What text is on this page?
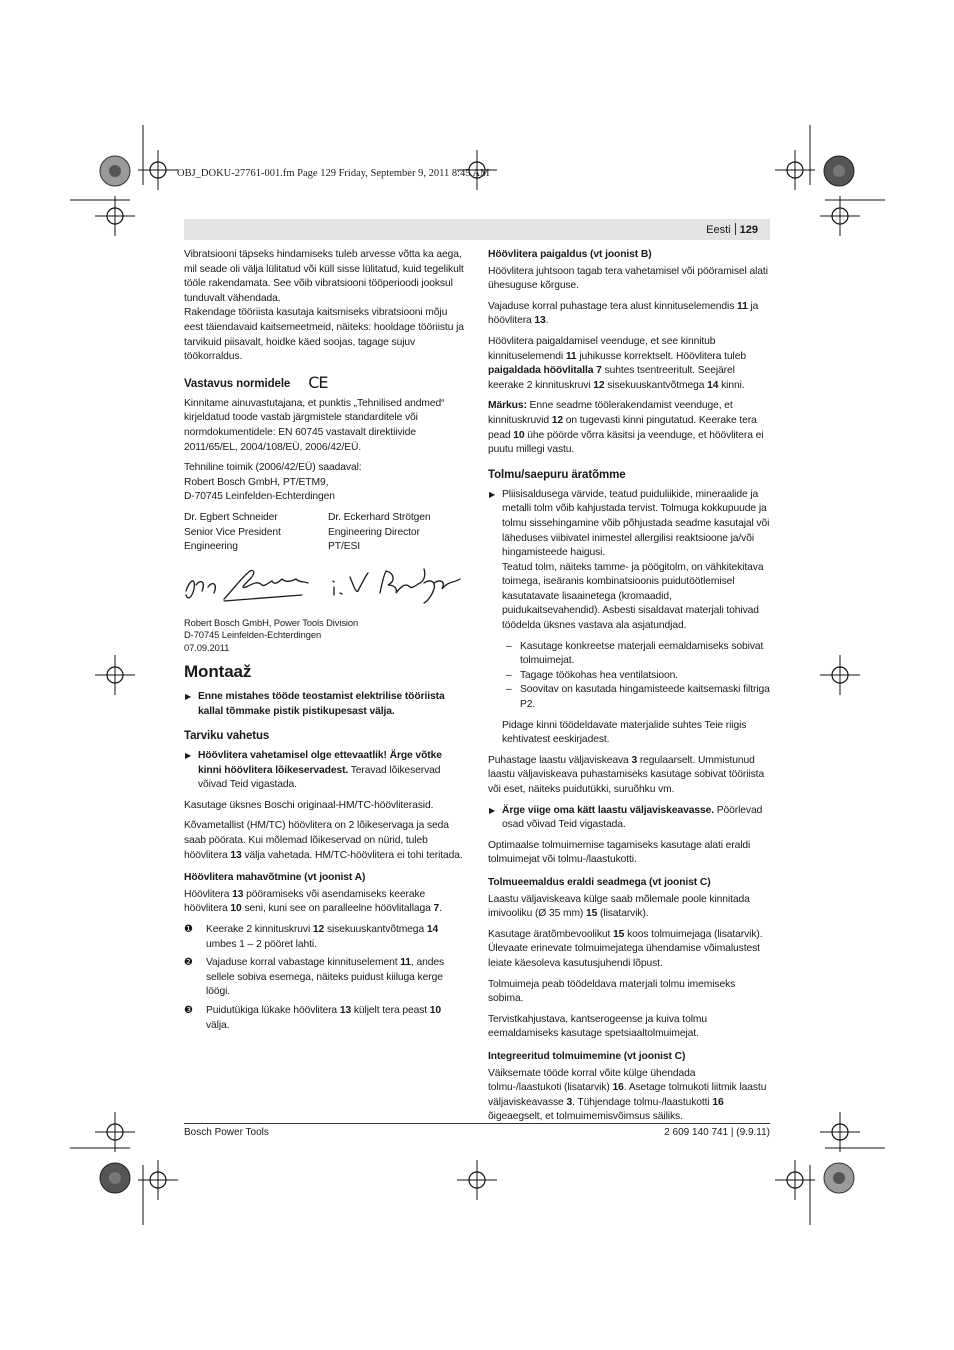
OBJ_DOKU-27761-001.fm Page 129 Friday, September 9, 2011 8:45 AM
Eesti 129

Vibratsiooni täpseks hindamiseks tuleb arvesse võtta ka aega, mil seade oli välja lülitatud või küll sisse lülitatud, kuid tegelikult tööle rakendamata. See võib vibratsiooni tööperioodi jooksul tunduvalt vähendada.

Rakendage tööriista kasutaja kaitsmiseks vibratsiooni mõju eest täiendavaid kaitsemeetmeid, näiteks: hooldage tööriistu ja tarvikuid piisavalt, hoidke käed soojas, tagage sujuv töökorraldus.

Vastavus normidele CE

Kinnitame ainuvastutajana, et punktis „Tehnilised andmed“ kirjeldatud toode vastab järgmistele standarditele või normdokumentidele: EN 60745 vastavalt direktiivide 2011/65/EL, 2004/108/EÜ, 2006/42/EÜ.

Tehniline toimik (2006/42/EÜ) saadaval:
Robert Bosch GmbH, PT/ETM9,
D-70745 Leinfelden-Echterdingen

Dr. Egbert Schneider
Senior Vice President
Engineering
Dr. Eckerhard Strötgen
Engineering Director
PT/ESI

Robert Bosch GmbH, Power Tools Division
D-70745 Leinfelden-Echterdingen
07.09.2011

Montaaž
▶ Enne mistahes tööde teostamist elektrilise tööriista kallal tõmmake pistik pistikupesast välja.
Tarviku vahetus
▶ Höövlitera vahetamisel olge ettevaatlik! Ärge võtke kinni höövlitera lõikeservadest. Teravad lõikeservad võivad Teid vigastada.

Kasutage üksnes Boschi originaal-HM/TC-höövliterasid.

Kõvametallist (HM/TC) höövlitera on 2 lõikeservaga ja seda saab pöörata. Kui mõlemad lõikeservad on nürid, tuleb höövlitera 13 välja vahetada. HM/TC-höövlitera ei tohi teritada.

Höövlitera mahavõtmine (vt joonist A)

Höövlitera 13 pööramiseks või asendamiseks keerake höövlitera 10 seni, kuni see on paralleelne höövlitallaga 7.

❶ Keerake 2 kinnituskruvi 12 sisekuuskantvõtmega 14 umbes 1 – 2 pööret lahti.
❷ Vajaduse korral vabastage kinnituselement 11, andes sellele sobiva esemega, näiteks puidust kiiluga kerge löögi.
❸ Puidutükiga lükake höövlitera 13 küljelt tera peast 10 välja.
Höövlitera paigaldus (vt joonist B)

Höövlitera juhtsoon tagab tera vahetamisel või pööramisel alati ühesuguse kõrguse.

Vajaduse korral puhastage tera alust kinnituselemendis 11 ja höövlitera 13.

Höövlitera paigaldamisel veenduge, et see kinnitub kinnituselemendi 11 juhikusse korrektselt. Höövlitera tuleb paigaldada höövlitalla 7 suhtes tsentreeritult. Seejärel keerake 2 kinnituskruvi 12 sisekuuskantvõtmega 14 kinni.

Märkus: Enne seadme töölerakendamist veenduge, et kinnituskruvid 12 on tugevasti kinni pingutatud. Keerake tera pead 10 ühe pöörde võrra käsitsi ja veenduge, et höövlitera ei puutu millegi vastu.

Tolmu/saepuru äratõmme
▶ Pliisisaldusega värvide, teatud puiduliikide, mineraalide ja metalli tolm võib kahjustada tervist. Tolmuga kokkupuude ja tolmu sissehingamine võib põhjustada seadme kasutajal või läheduses viibivatel inimestel allergilisi reaktsioone ja/või hingamisteede haigusi.

Teatud tolm, näiteks tamme- ja pöögitolm, on vähkitekitava toimega, iseäranis kombinatsioonis puidutöötlemisel kasutatavate lisaainetega (kromaadid, puidukaitsevahendid). Asbesti sisaldavat materjali tohivad töödelda üksnes vastava ala asjatundjad.

– Kasutage konkreetse materjali eemaldamiseks sobivat tolmuimejat.
– Tagage töökohas hea ventilatsioon.
– Soovitav on kasutada hingamisteede kaitsemaski filtriga P2.

Pidage kinni töödeldavate materjalide suhtes Teie riigis kehtivatest eeskirjadest.

Puhastage laastu väljaviskeava 3 regulaarselt. Ummistunud laastu väljaviskeava puhastamiseks kasutage sobivat tööriista või eset, näiteks puidutükki, suruõhku vm.

▶ Ärge viige oma kätt laastu väljaviskeavasse. Pöörlevad osad võivad Teid vigastada.

Optimaalse tolmuimemise tagamiseks kasutage alati eraldi tolmuimejat või tolmu-/laastukotti.

Tolmueemaldus eraldi seadmega (vt joonist C)

Laastu väljaviskeava külge saab mõlemale poole kinnitada imivooliku (Ø 35 mm) 15 (lisatarvik).

Kasutage äratõmbevoolikut 15 koos tolmuimejaga (lisatarvik). Ülevaate erinevate tolmuimejatega ühendamise võimalustest leiate käesoleva kasutusjuhendi lõpust.

Tolmuimeja peab töödeldava materjali tolmu imemiseks sobima.

Tervistkahjustava, kantserogeense ja kuiva tolmu eemaldamiseks kasutage spetsiaaltolmuimejat.

Integreeritud tolmuimemine (vt joonist C)

Väiksemate tööde korral võite külge ühendada tolmu-/laastukoti (lisatarvik) 16. Asetage tolmukoti liitmik laastu väljaviskeavasse 3. Tühjendage tolmu-/laastukotti 16 õigeaegselt, et tolmuimemisvõimsus säiliks.

Bosch Power Tools	2 609 140 741 | (9.9.11)
